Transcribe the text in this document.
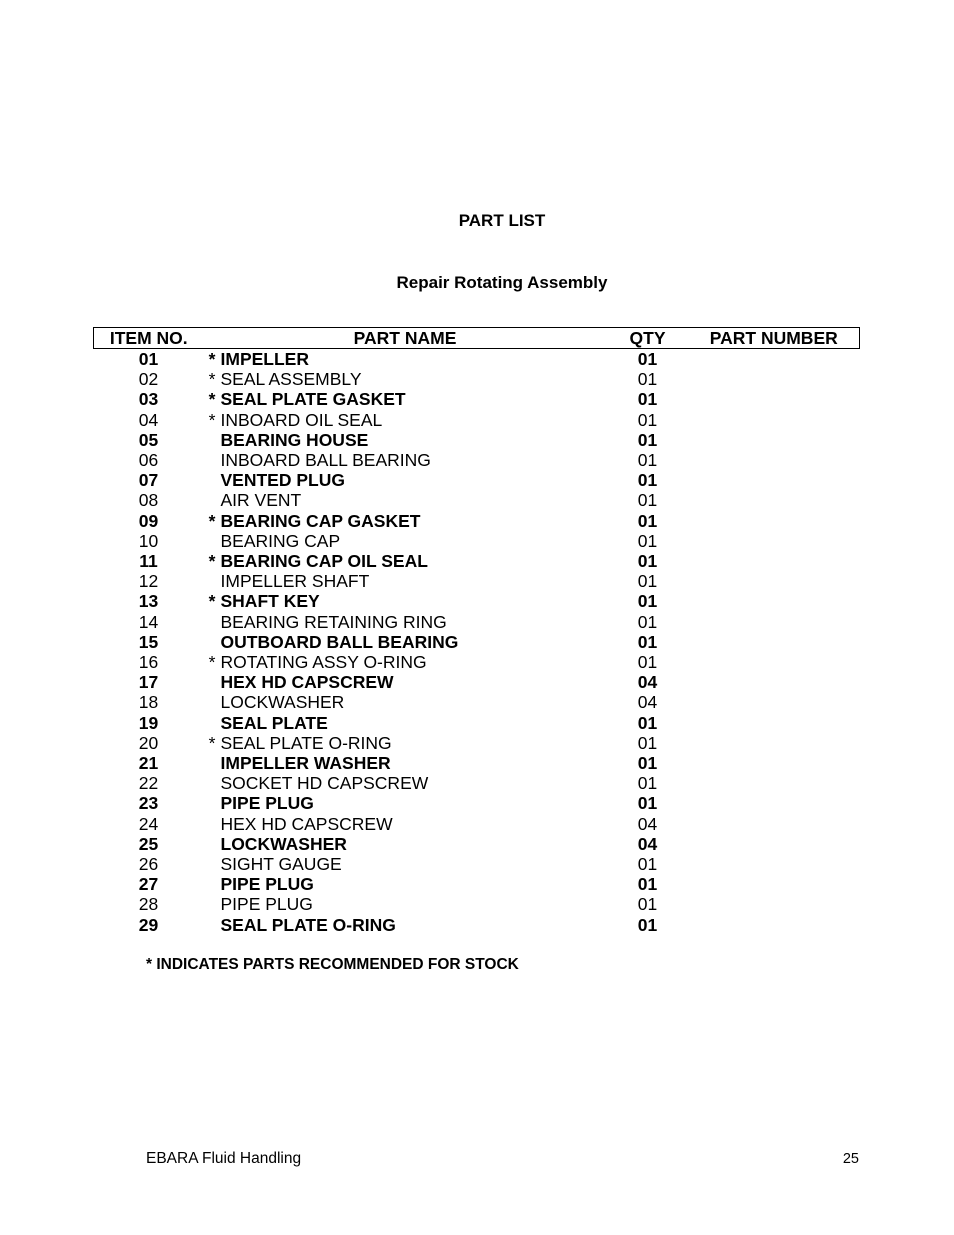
PART LIST
Repair Rotating Assembly
ITEM NO.	PART NAME		QTY	PART NUMBER
01	*	IMPELLER	01	
02	*	SEAL ASSEMBLY	01	
03	*	SEAL PLATE GASKET	01	
04	*	INBOARD OIL SEAL	01	
05		BEARING HOUSE	01	
06		INBOARD BALL BEARING	01	
07		VENTED PLUG	01	
08		AIR VENT	01	
09	*	BEARING CAP GASKET	01	
10		BEARING CAP	01	
11	*	BEARING CAP OIL SEAL	01	
12		IMPELLER SHAFT	01	
13	*	SHAFT KEY	01	
14		BEARING RETAINING RING	01	
15		OUTBOARD BALL BEARING	01	
16	*	ROTATING ASSY O-RING	01	
17		HEX HD CAPSCREW	04	
18		LOCKWASHER	04	
19		SEAL PLATE	01	
20	*	SEAL PLATE O-RING	01	
21		IMPELLER WASHER	01	
22		SOCKET HD CAPSCREW	01	
23		PIPE PLUG	01	
24		HEX HD CAPSCREW	04	
25		LOCKWASHER	04	
26		SIGHT GAUGE	01	
27		PIPE PLUG	01	
28		PIPE PLUG	01	
29		SEAL PLATE O-RING	01	
* INDICATES PARTS RECOMMENDED FOR STOCK
EBARA Fluid Handling	25
